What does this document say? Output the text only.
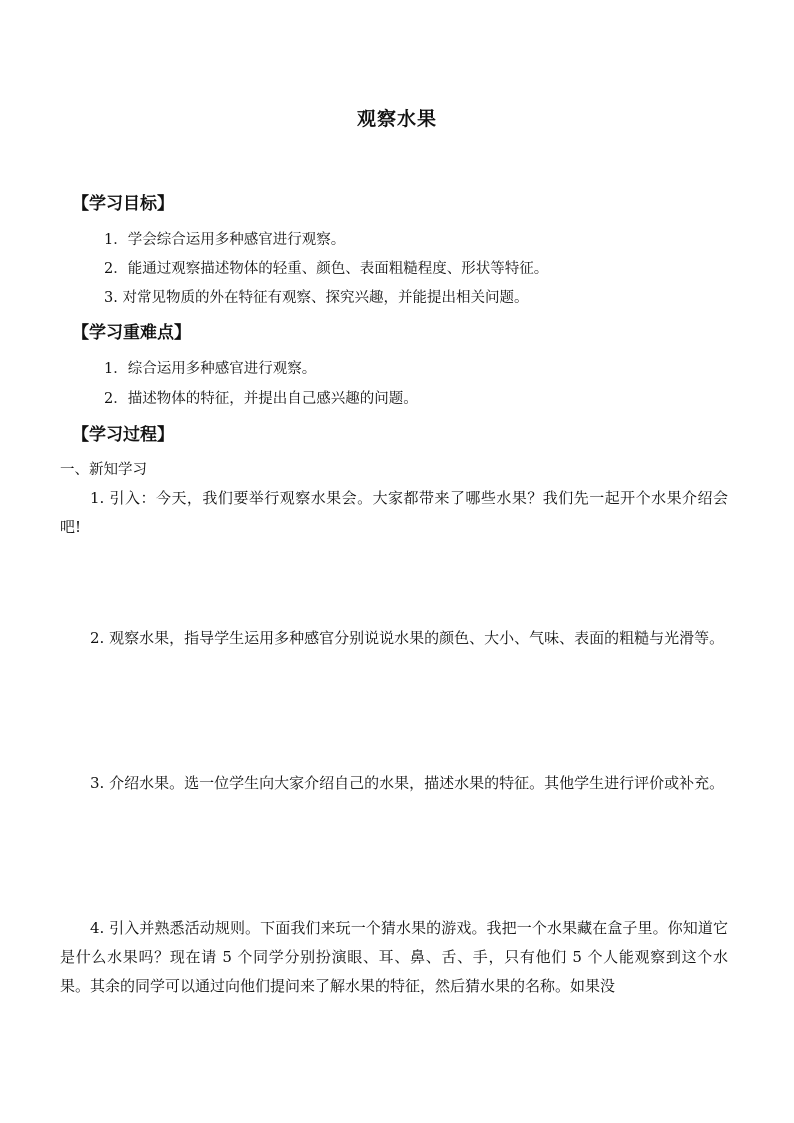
观察水果
【学习目标】
1．学会综合运用多种感官进行观察。
2．能通过观察描述物体的轻重、颜色、表面粗糙程度、形状等特征。
3. 对常见物质的外在特征有观察、探究兴趣，并能提出相关问题。
【学习重难点】
1．综合运用多种感官进行观察。
2．描述物体的特征，并提出自己感兴趣的问题。
【学习过程】
一、新知学习

1. 引入：今天，我们要举行观察水果会。大家都带来了哪些水果？我们先一起开个水果介绍会吧!

2. 观察水果，指导学生运用多种感官分别说说水果的颜色、大小、气味、表面的粗糙与光滑等。

3. 介绍水果。选一位学生向大家介绍自己的水果，描述水果的特征。其他学生进行评价或补充。

4. 引入并熟悉活动规则。下面我们来玩一个猜水果的游戏。我把一个水果藏在盒子里。你知道它是什么水果吗？现在请 5 个同学分别扮演眼、耳、鼻、舌、手，只有他们 5 个人能观察到这个水果。其余的同学可以通过向他们提问来了解水果的特征，然后猜水果的名称。如果没
